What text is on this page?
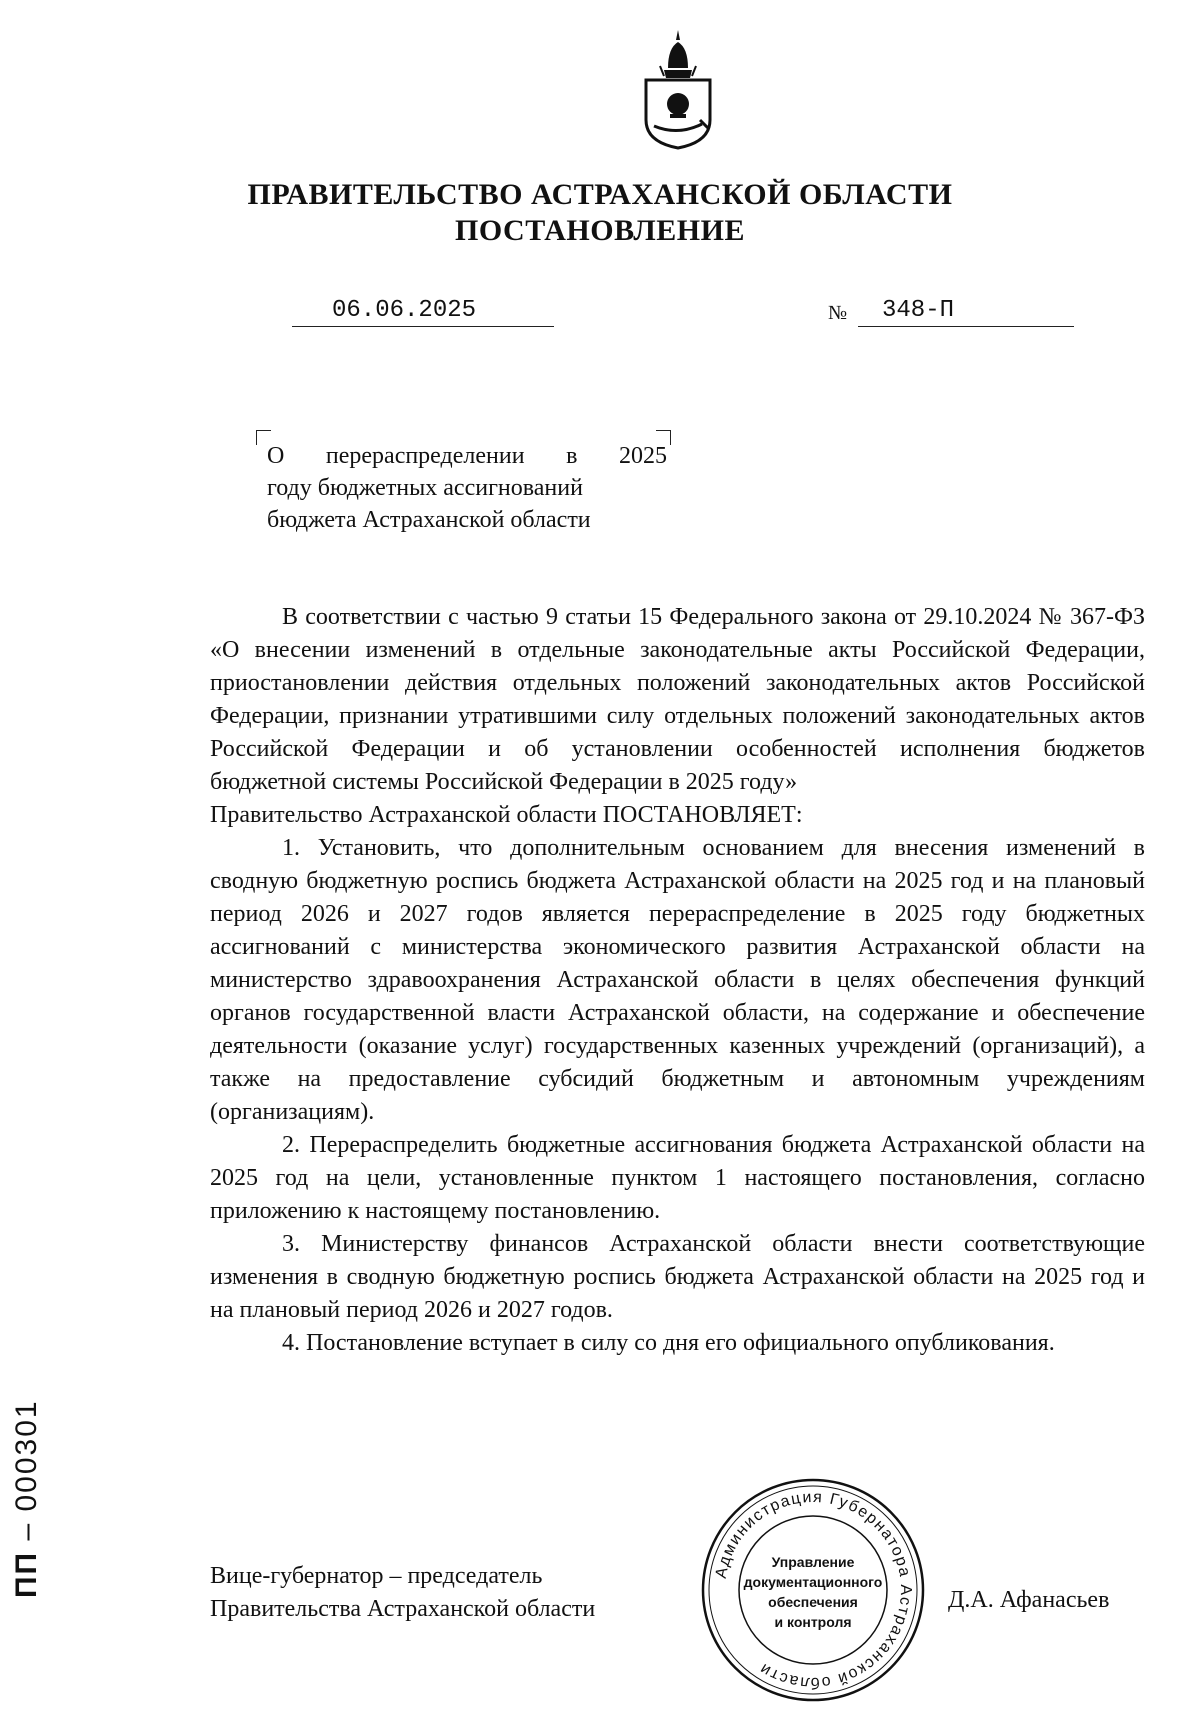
ПРАВИТЕЛЬСТВО АСТРАХАНСКОЙ ОБЛАСТИ
ПОСТАНОВЛЕНИЕ
06.06.2025	№ 348-П
О перераспределении в 2025
году бюджетных ассигнований
бюджета Астраханской области

В соответствии с частью 9 статьи 15 Федерального закона от 29.10.2024 № 367-ФЗ «О внесении изменений в отдельные законодательные акты Российской Федерации, приостановлении действия отдельных положений законодательных актов Российской Федерации, признании утратившими силу отдельных положений законодательных актов Российской Федерации и об установлении особенностей исполнения бюджетов бюджетной системы Российской Федерации в 2025 году»

Правительство Астраханской области ПОСТАНОВЛЯЕТ:

1. Установить, что дополнительным основанием для внесения изменений в сводную бюджетную роспись бюджета Астраханской области на 2025 год и на плановый период 2026 и 2027 годов является перераспределение в 2025 году бюджетных ассигнований с министерства экономического развития Астраханской области на министерство здравоохранения Астраханской области в целях обеспечения функций органов государственной власти Астраханской области, на содержание и обеспечение деятельности (оказание услуг) государственных казенных учреждений (организаций), а также на предоставление субсидий бюджетным и автономным учреждениям (организациям).

2. Перераспределить бюджетные ассигнования бюджета Астраханской области на 2025 год на цели, установленные пунктом 1 настоящего постановления, согласно приложению к настоящему постановлению.

3. Министерству финансов Астраханской области внести соответствующие изменения в сводную бюджетную роспись бюджета Астраханской области на 2025 год и на плановый период 2026 и 2027 годов.

4. Постановление вступает в силу со дня его официального опубликования.

Вице-губернатор – председатель
Правительства Астраханской области	Д.А. Афанасьев
Администрация Губернатора Астраханской области
Управление
документационного
обеспечения
и контроля
ПП – 000301
